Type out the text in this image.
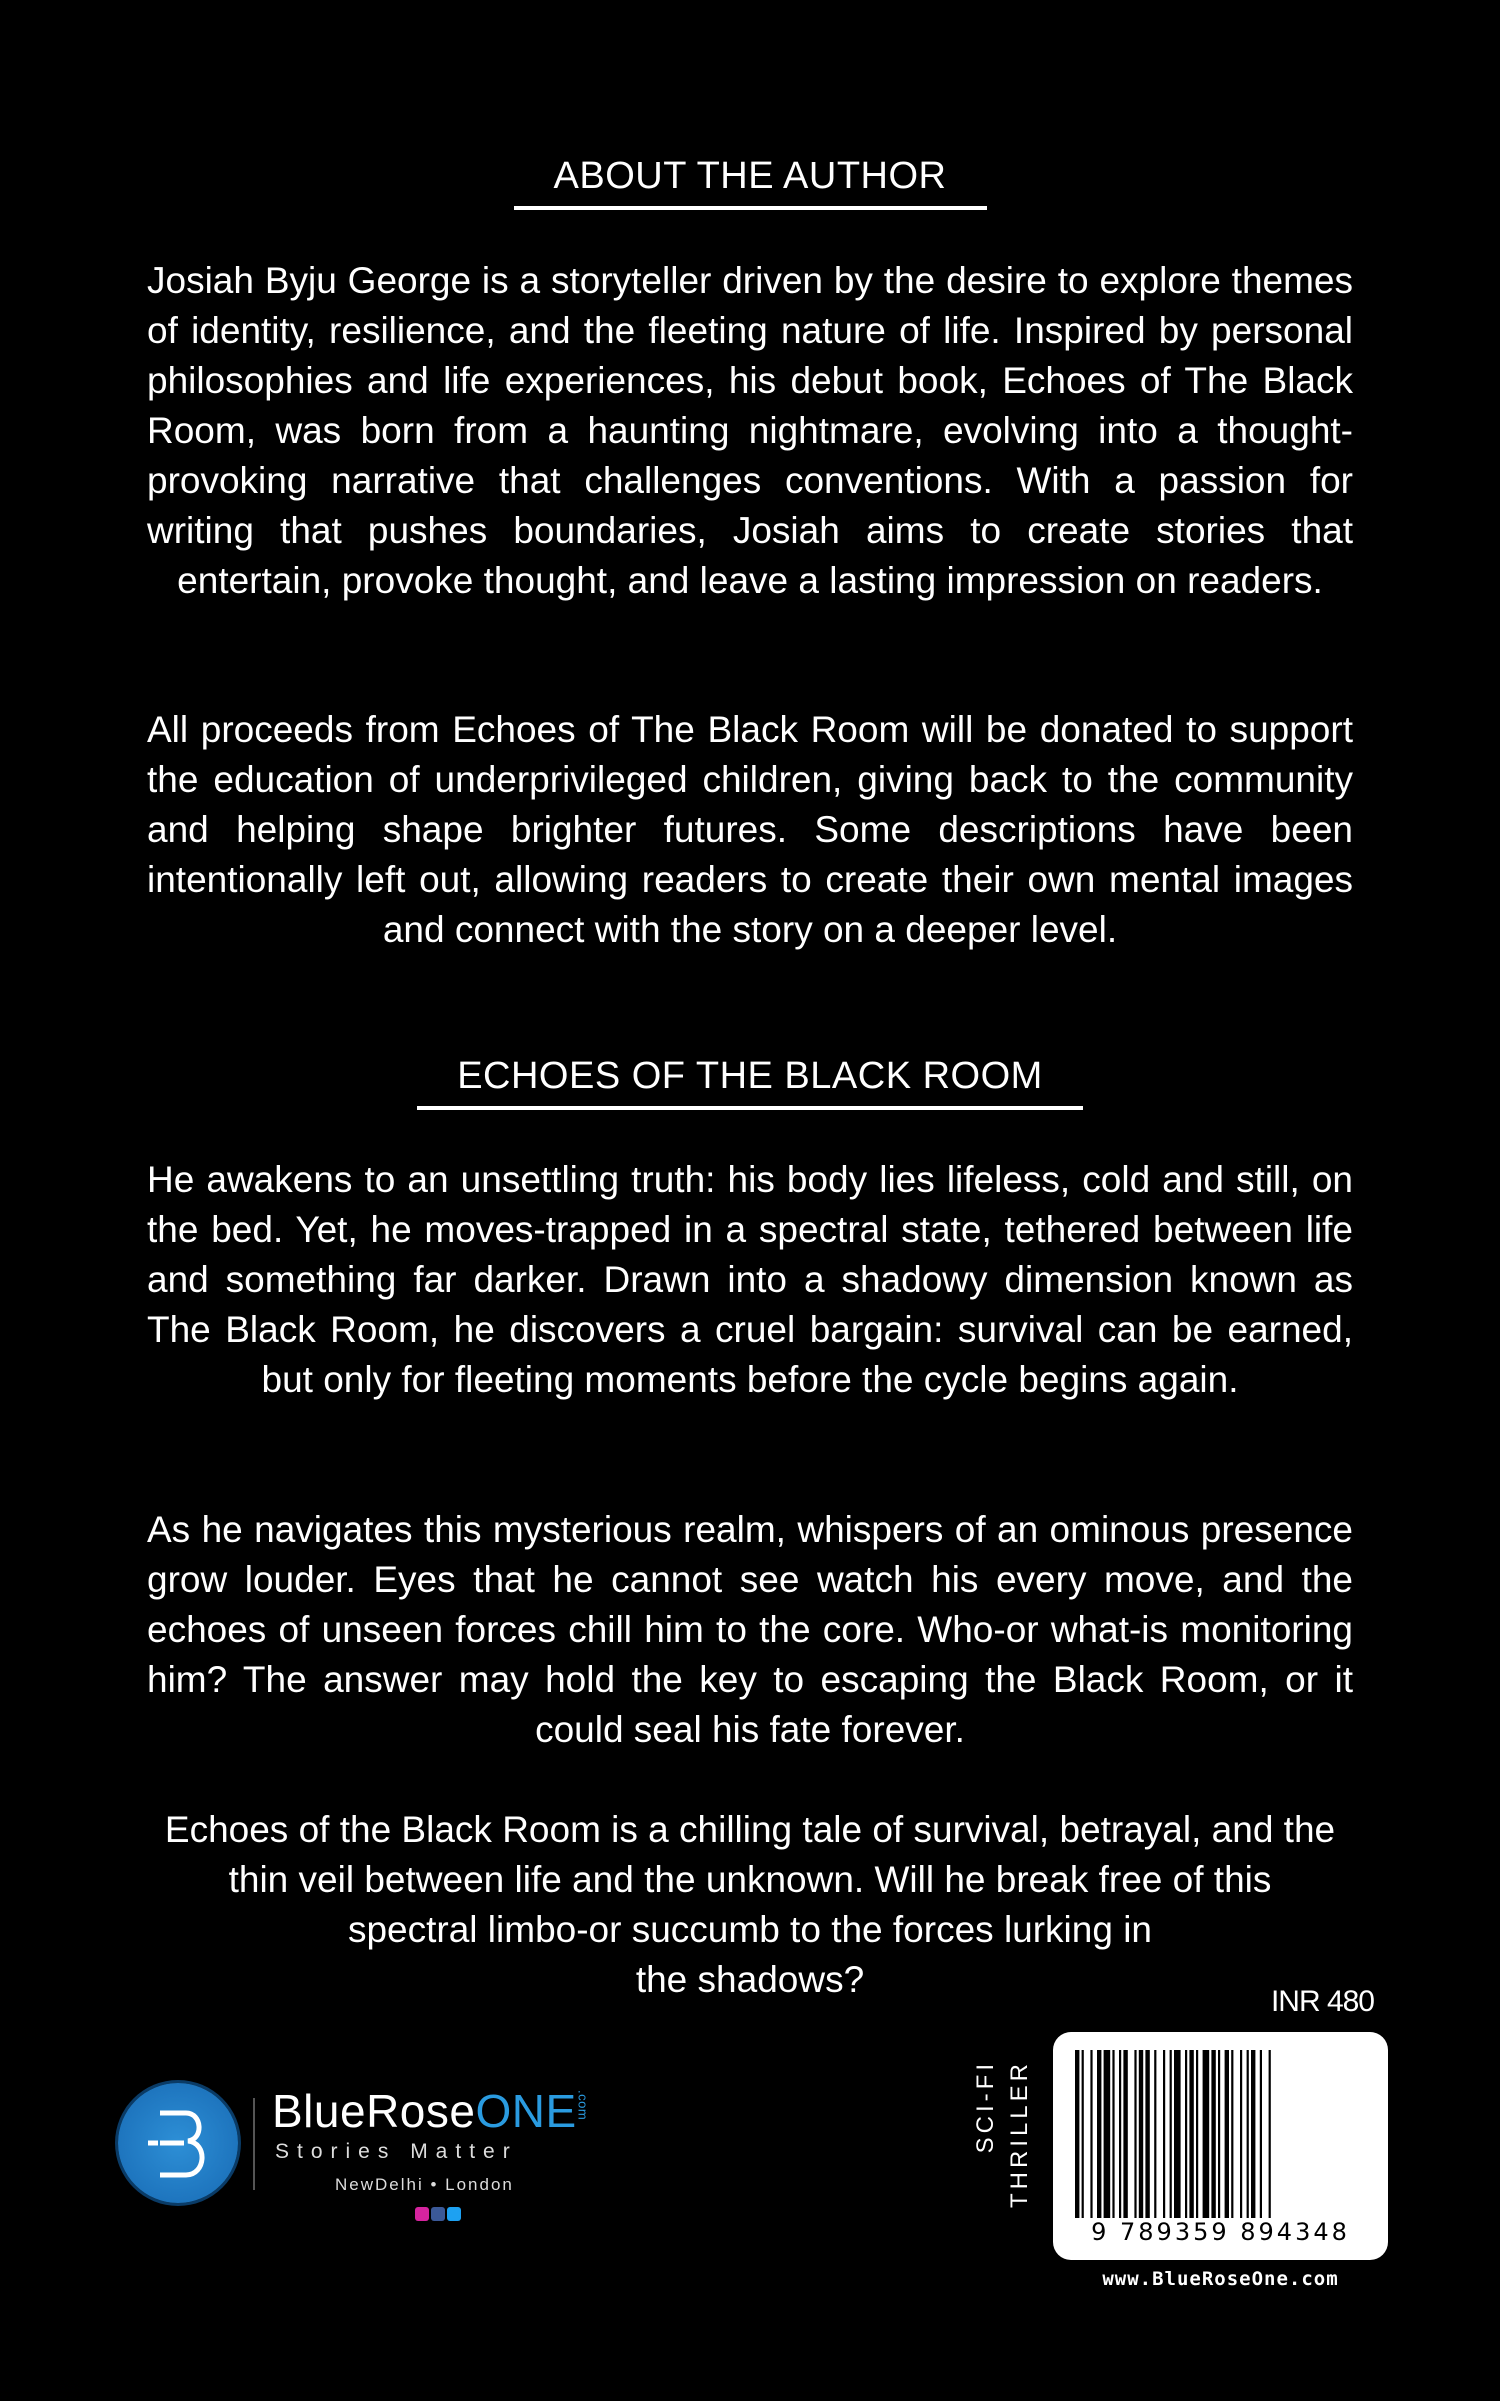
ABOUT THE AUTHOR

Josiah Byju George is a storyteller driven by the desire to explore themes of identity, resilience, and the fleeting nature of life. Inspired by personal philosophies and life experiences, his debut book, Echoes of The Black Room, was born from a haunting nightmare, evolving into a thought-provoking narrative that challenges conventions. With a passion for writing that pushes boundaries, Josiah aims to create stories that entertain, provoke thought, and leave a lasting impression on readers.

All proceeds from Echoes of The Black Room will be donated to support the education of underprivileged children, giving back to the community and helping shape brighter futures. Some descriptions have been intentionally left out, allowing readers to create their own mental images and connect with the story on a deeper level.

ECHOES OF THE BLACK ROOM

He awakens to an unsettling truth: his body lies lifeless, cold and still, on the bed. Yet, he moves-trapped in a spectral state, tethered between life and something far darker. Drawn into a shadowy dimension known as The Black Room, he discovers a cruel bargain: survival can be earned, but only for fleeting moments before the cycle begins again.

As he navigates this mysterious realm, whispers of an ominous presence grow louder. Eyes that he cannot see watch his every move, and the echoes of unseen forces chill him to the core. Who-or what-is monitoring him? The answer may hold the key to escaping the Black Room, or it could seal his fate forever.

Echoes of the Black Room is a chilling tale of survival, betrayal, and the
thin veil between life and the unknown. Will he break free of this
spectral limbo-or succumb to the forces lurking in
the shadows?
INR 480
SCI-FI THRILLER
9 789359 894348
www.BlueRoseOne.com
BlueRoseONE .com
Stories Matter
NewDelhi • London
